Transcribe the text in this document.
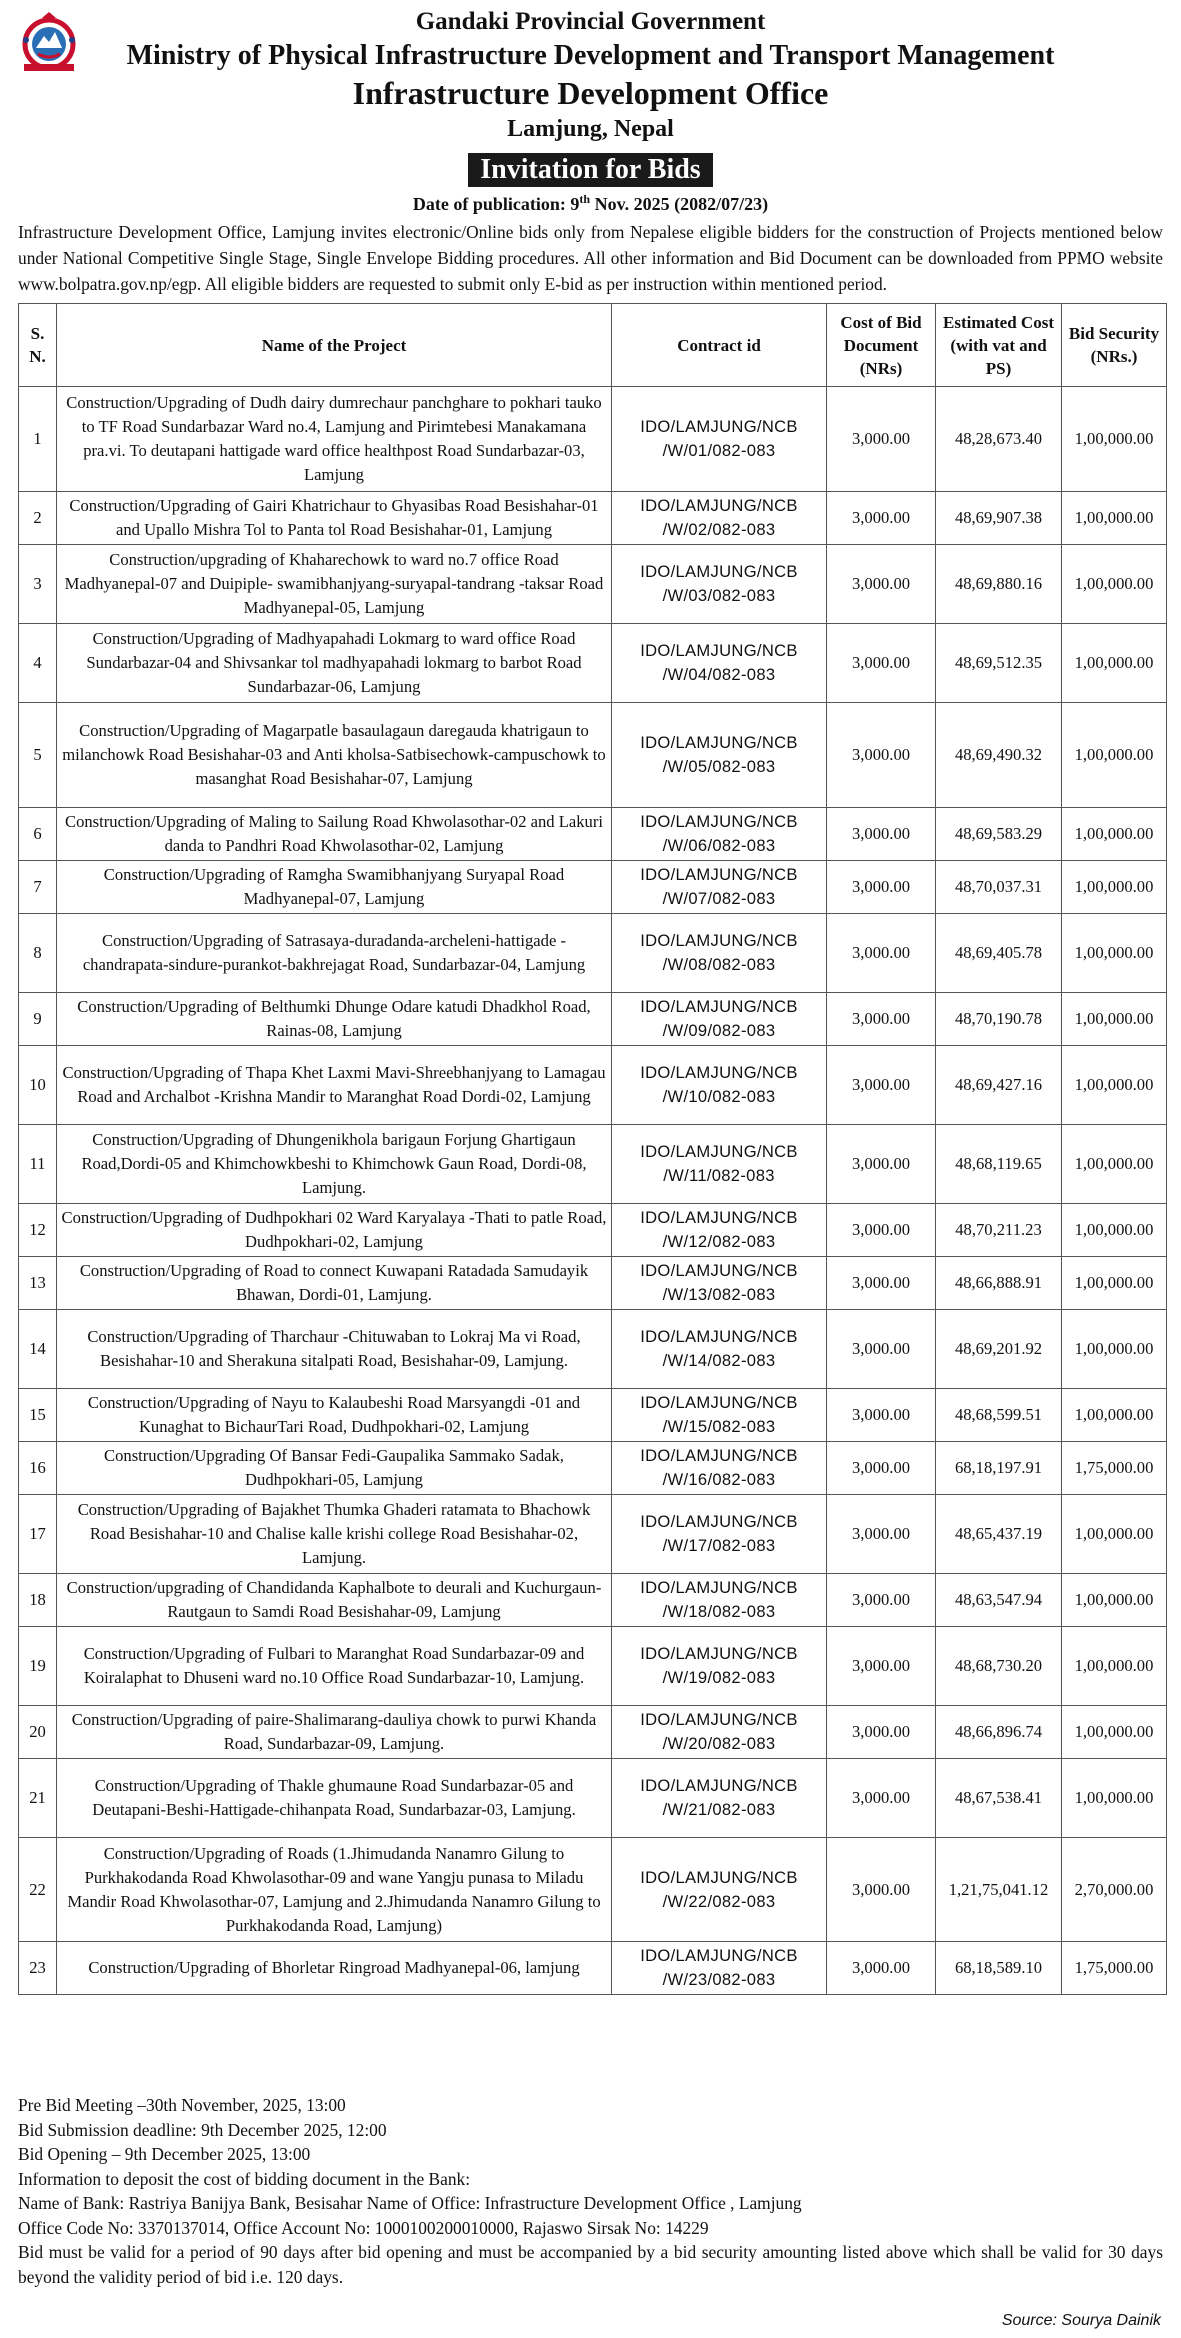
Gandaki Provincial Government
Ministry of Physical Infrastructure Development and Transport Management
Infrastructure Development Office
Lamjung, Nepal
Invitation for Bids
Date of publication: 9th Nov. 2025 (2082/07/23)
Infrastructure Development Office, Lamjung invites electronic/Online bids only from Nepalese eligible bidders for the construction of Projects mentioned below under National Competitive Single Stage, Single Envelope Bidding procedures. All other information and Bid Document can be downloaded from PPMO website www.bolpatra.gov.np/egp. All eligible bidders are requested to submit only E-bid as per instruction within mentioned period.
S. N.	Name of the Project	Contract id	Cost of Bid Document (NRs)	Estimated Cost (with vat and PS)	Bid Security (NRs.)
1	Construction/Upgrading of Dudh dairy dumrechaur panchghare to pokhari tauko to TF Road Sundarbazar Ward no.4, Lamjung and Pirimtebesi Manakamana pra.vi. To deutapani hattigade ward office healthpost Road Sundarbazar-03, Lamjung	IDO/LAMJUNG/NCB /W/01/082-083	3,000.00	48,28,673.40	1,00,000.00
2	Construction/Upgrading of Gairi Khatrichaur to Ghyasibas Road Besishahar-01 and Upallo Mishra Tol to Panta tol Road Besishahar-01, Lamjung	IDO/LAMJUNG/NCB /W/02/082-083	3,000.00	48,69,907.38	1,00,000.00
3	Construction/upgrading of Khaharechowk to ward no.7 office Road Madhyanepal-07 and Duipiple- swamibhanjyang-suryapal-tandrang -taksar Road Madhyanepal-05, Lamjung	IDO/LAMJUNG/NCB /W/03/082-083	3,000.00	48,69,880.16	1,00,000.00
4	Construction/Upgrading of Madhyapahadi Lokmarg to ward office Road Sundarbazar-04 and Shivsankar tol madhyapahadi lokmarg to barbot Road Sundarbazar-06, Lamjung	IDO/LAMJUNG/NCB /W/04/082-083	3,000.00	48,69,512.35	1,00,000.00
5	Construction/Upgrading of Magarpatle basaulagaun daregauda khatrigaun to milanchowk Road Besishahar-03 and Anti kholsa-Satbisechowk-campuschowk to masanghat Road Besishahar-07, Lamjung	IDO/LAMJUNG/NCB /W/05/082-083	3,000.00	48,69,490.32	1,00,000.00
6	Construction/Upgrading of Maling to Sailung Road Khwolasothar-02 and Lakuri danda to Pandhri Road Khwolasothar-02, Lamjung	IDO/LAMJUNG/NCB /W/06/082-083	3,000.00	48,69,583.29	1,00,000.00
7	Construction/Upgrading of Ramgha Swamibhanjyang Suryapal Road Madhyanepal-07, Lamjung	IDO/LAMJUNG/NCB /W/07/082-083	3,000.00	48,70,037.31	1,00,000.00
8	Construction/Upgrading of Satrasaya-duradanda-archeleni-hattigade -chandrapata-sindure-purankot-bakhrejagat Road, Sundarbazar-04, Lamjung	IDO/LAMJUNG/NCB /W/08/082-083	3,000.00	48,69,405.78	1,00,000.00
9	Construction/Upgrading of Belthumki Dhunge Odare katudi Dhadkhol Road, Rainas-08, Lamjung	IDO/LAMJUNG/NCB /W/09/082-083	3,000.00	48,70,190.78	1,00,000.00
10	Construction/Upgrading of Thapa Khet Laxmi Mavi-Shreebhanjyang to Lamagau Road and Archalbot -Krishna Mandir to Maranghat Road Dordi-02, Lamjung	IDO/LAMJUNG/NCB /W/10/082-083	3,000.00	48,69,427.16	1,00,000.00
11	Construction/Upgrading of Dhungenikhola barigaun Forjung Ghartigaun Road,Dordi-05 and Khimchowkbeshi to Khimchowk Gaun Road, Dordi-08, Lamjung.	IDO/LAMJUNG/NCB /W/11/082-083	3,000.00	48,68,119.65	1,00,000.00
12	Construction/Upgrading of Dudhpokhari 02 Ward Karyalaya -Thati to patle Road, Dudhpokhari-02, Lamjung	IDO/LAMJUNG/NCB /W/12/082-083	3,000.00	48,70,211.23	1,00,000.00
13	Construction/Upgrading of Road to connect Kuwapani Ratadada Samudayik Bhawan, Dordi-01, Lamjung.	IDO/LAMJUNG/NCB /W/13/082-083	3,000.00	48,66,888.91	1,00,000.00
14	Construction/Upgrading of Tharchaur -Chituwaban to Lokraj Ma vi Road, Besishahar-10 and Sherakuna sitalpati Road, Besishahar-09, Lamjung.	IDO/LAMJUNG/NCB /W/14/082-083	3,000.00	48,69,201.92	1,00,000.00
15	Construction/Upgrading of Nayu to Kalaubeshi Road Marsyangdi -01 and Kunaghat to BichaurTari Road, Dudhpokhari-02, Lamjung	IDO/LAMJUNG/NCB /W/15/082-083	3,000.00	48,68,599.51	1,00,000.00
16	Construction/Upgrading Of Bansar Fedi-Gaupalika Sammako Sadak, Dudhpokhari-05, Lamjung	IDO/LAMJUNG/NCB /W/16/082-083	3,000.00	68,18,197.91	1,75,000.00
17	Construction/Upgrading of Bajakhet Thumka Ghaderi ratamata to Bhachowk Road Besishahar-10 and Chalise kalle krishi college Road Besishahar-02, Lamjung.	IDO/LAMJUNG/NCB /W/17/082-083	3,000.00	48,65,437.19	1,00,000.00
18	Construction/upgrading of Chandidanda Kaphalbote to deurali and Kuchurgaun-Rautgaun to Samdi Road Besishahar-09, Lamjung	IDO/LAMJUNG/NCB /W/18/082-083	3,000.00	48,63,547.94	1,00,000.00
19	Construction/Upgrading of Fulbari to Maranghat Road Sundarbazar-09 and Koiralaphat to Dhuseni ward no.10 Office Road Sundarbazar-10, Lamjung.	IDO/LAMJUNG/NCB /W/19/082-083	3,000.00	48,68,730.20	1,00,000.00
20	Construction/Upgrading of paire-Shalimarang-dauliya chowk to purwi Khanda Road, Sundarbazar-09, Lamjung.	IDO/LAMJUNG/NCB /W/20/082-083	3,000.00	48,66,896.74	1,00,000.00
21	Construction/Upgrading of Thakle ghumaune Road Sundarbazar-05 and Deutapani-Beshi-Hattigade-chihanpata Road, Sundarbazar-03, Lamjung.	IDO/LAMJUNG/NCB /W/21/082-083	3,000.00	48,67,538.41	1,00,000.00
22	Construction/Upgrading of Roads (1.Jhimudanda Nanamro Gilung to Purkhakodanda Road Khwolasothar-09 and wane Yangju punasa to Miladu Mandir Road Khwolasothar-07, Lamjung and 2.Jhimudanda Nanamro Gilung to Purkhakodanda Road, Lamjung)	IDO/LAMJUNG/NCB /W/22/082-083	3,000.00	1,21,75,041.12	2,70,000.00
23	Construction/Upgrading of Bhorletar Ringroad Madhyanepal-06, lamjung	IDO/LAMJUNG/NCB /W/23/082-083	3,000.00	68,18,589.10	1,75,000.00
Pre Bid Meeting –30th November, 2025, 13:00
Bid Submission deadline: 9th December 2025, 12:00
Bid Opening – 9th December 2025, 13:00
Information to deposit the cost of bidding document in the Bank:
Name of Bank: Rastriya Banijya Bank, Besisahar Name of Office: Infrastructure Development Office , Lamjung
Office Code No: 3370137014, Office Account No: 1000100200010000, Rajaswo Sirsak No: 14229
Bid must be valid for a period of 90 days after bid opening and must be accompanied by a bid security amounting listed above which shall be valid for 30 days beyond the validity period of bid i.e. 120 days.
Source: Sourya Dainik
